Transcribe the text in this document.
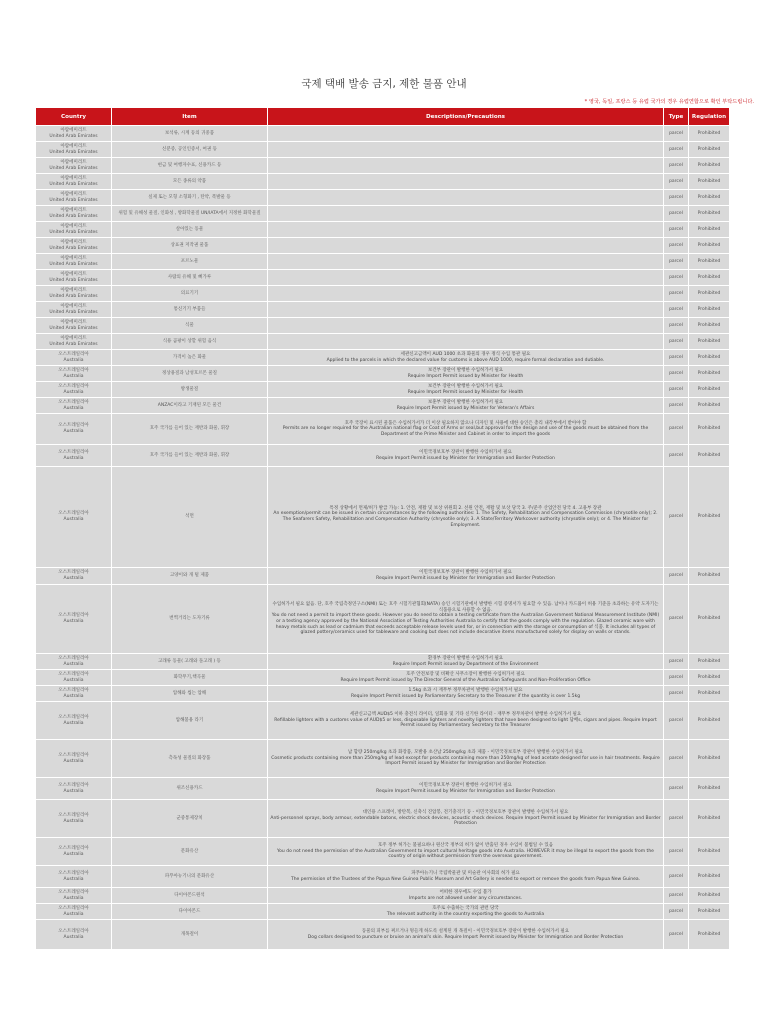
국제 택배 발송 금지, 제한 물품 안내
* 영국, 독일, 프랑스 등 유럽 국가의 경우 유럽연합으로 확인 부탁드립니다.
Country	Item	Descriptions/Precautions	Type	Regulation

아랍에미리트
United Arab Emirates	보석류, 시계 등의 귀중품		parcel	Prohibited

아랍에미리트
United Arab Emirates	신분증, 공인인증서, 여권 등		parcel	Prohibited

아랍에미리트
United Arab Emirates	현금 및 여행자수표, 신용카드 등		parcel	Prohibited

아랍에미리트
United Arab Emirates	모든 종류의 약품		parcel	Prohibited

아랍에미리트
United Arab Emirates	실제 또는 모형 소형화기 , 탄약, 폭발물 등		parcel	Prohibited

아랍에미리트
United Arab Emirates	위험 및 유해성 물질, 인화성 , 방화학물질 UN/IATA에서 지정한 화학물질		parcel	Prohibited

아랍에미리트
United Arab Emirates	살아있는 동물		parcel	Prohibited

아랍에미리트
United Arab Emirates	상표권 저작권 물품		parcel	Prohibited

아랍에미리트
United Arab Emirates	포르노물		parcel	Prohibited

아랍에미리트
United Arab Emirates	사람의 유해 및 뼈가루		parcel	Prohibited

아랍에미리트
United Arab Emirates	의료기기		parcel	Prohibited

아랍에미리트
United Arab Emirates	통신기기 부품들		parcel	Prohibited

아랍에미리트
United Arab Emirates	식물		parcel	Prohibited

아랍에미리트
United Arab Emirates	식용 곰팡이 상할 위험 음식		parcel	Prohibited

오스트레일리아
Australia	가격이 높은 화물	세관신고금액이 AUD 1000 초과 화물의 경우 정식 수입 통관 필요
Applied to the parcels in which the declared value for customs is above AUD 1000, require formal declaration and dutiable.	parcel	Prohibited

오스트레일리아
Australia	정상용질과 남성호르몬 물질	보건부 장관이 발행한 수입허가서 필요
Require Import Permit issued by Minister for Health	parcel	Prohibited

오스트레일리아
Australia	방생물질	보건부 장관이 발행한 수입허가서 필요
Require Import Permit issued by Minister for Health	parcel	Prohibited

오스트레일리아
Australia	ANZAC이라고 기재된 모든 물건	보훈부 장관이 발행한 수입허가서 필요
Require Import Permit issued by Minister for Veteran's Affairs	parcel	Prohibited

오스트레일리아
Australia	호주 국가를 들어 있는 재반과 화물, 휘장	호주 국장이 표시된 물품은 수입허가서가 더 이상 필요하지 않으나 디자인 및 사용에 대한 승인은 총리 내각부에서 받아야 함
Permits are no longer required for the Australian national flag or Coat of Arms or seal,but approval for the design and use of the goods must be obtained from the Department of the Prime Minister and Cabinet in order to import the goods	parcel	Prohibited

오스트레일리아
Australia	호주 국가를 들어 있는 재반과 화물, 휘장	이민국경보호부 장관이 발행한 수입허가서 필요
Require Import Permit issued by Minister for Immigration and Border Protection	parcel	Prohibited

오스트레일리아
Australia	석면	특정 상황에서 면제/허가 발급 가능: 1. 안전, 재활 및 보상 위원회 2. 선원 안전, 재활 및 보상 당국 3. 주/준주 산업안전 당국 4. 고용부 장관
An exemption/permit can be issued in certain circumstances by the following authorities: 1. The Safety, Rehabilitation and Compensation Commission (chrysotile only); 2. The Seafarers Safety, Rehabilitation and Compensation Authority (chrysotile only); 3. A State/Territory Workcover authority (chrysotile only); or 4. The Minister for Employment.	parcel	Prohibited

오스트레일리아
Australia	고양이와 개 털 제품	이민국경보호부 장관이 발행한 수입허가서 필요
Require Import Permit issued by Minister for Immigration and Border Protection	parcel	Prohibited

오스트레일리아
Australia	번쩍거리는 도자기류	수입허가서 필요 없음. 단, 호주 국립측정연구소(NMI) 또는 호주 시험기관협회(NATA) 승인 시험기관에서 발행한 시험 증명서가 필요할 수 있음. 납이나 카드뮴이 허용 기준을 초과하는 유약 도자기는 식품용으로 사용할 수 없음.
You do not need a permit to import these goods. However you do need to obtain a testing certificate from the Australian Government National Measurement Institute (NMI) or a testing agency approved by the National Association of Testing Authorities Australia to certify that the goods comply with the regulation. Glazed ceramic ware with heavy metals such as lead or cadmium that exceeds acceptable release levels used for, or in connection with the storage or consumption of 식품. It includes all types of glazed pottery/ceramics used for tableware and cooking but does not include decorative items manufactured solely for display on walls or stands.	parcel	Prohibited

오스트레일리아
Australia	고래류 동물( 고래와 돌고래 ) 등	환경부 장관이 발행한 수입허가서 필요
Require Import Permit issued by Department of the Environment	parcel	Prohibited

오스트레일리아
Australia	화학무기,핵곡물	호주 안전보장 및 비확산 사무소장이 발행한 수입허가서 필요
Require Import Permit issued by The Director General of the Australian Safeguards and Non-Proliferation Office	parcel	Prohibited

오스트레일리아
Australia	압해와 씹는 압해	1.5kg 초과 시 재무부 정무차관이 발행한 수입허가서 필요
Require Import Permit issued by Parliamentary Secretary to the Treasurer if the quantity is over 1.5kg	parcel	Prohibited

오스트레일리아
Australia	압해불용 라기	세관신고금액 AUD$5 이하 충전식 라이터, 일회용 및 기타 신기한 라이터 - 재무부 정무차관이 발행한 수입허가서 필요
Refillable lighters with a customs value of AUD$5 or less, disposable lighters and novelty lighters that have been designed to light 담배s, cigars and pipes. Require Import Permit issued by Parliamentary Secretary to the Treasurer	parcel	Prohibited

오스트레일리아
Australia	측독성 물질의 화장품	납 함량 250mg/kg 초과 화장품, 모발용 초산납 250mg/kg 초과 제품 - 이민국경보호부 장관이 발행한 수입허가서 필요
Cosmetic products containing more than 250mg/kg of lead except for products containing more than 250mg/kg of lead acetate designed for use in hair treatments. Require Import Permit issued by Minister for Immigration and Border Protection	parcel	Prohibited

오스트레일리아
Australia	위조신용카드	이민국경보호부 장관이 발행한 수입허가서 필요
Require Import Permit issued by Minister for Immigration and Border Protection	parcel	Prohibited

오스트레일리아
Australia	군중통제장치	대인용 스프레이, 방탄복, 신축식 진압봉, 전기충격기 등 - 이민국경보호부 장관이 발행한 수입허가서 필요
Anti-personnel sprays, body armour, extendable batons, electric shock devices, acoustic shock devices. Require Import Permit issued by Minister for Immigration and Border Protection	parcel	Prohibited

오스트레일리아
Australia	문화유산	호주 정부 허가는 불필요하나 원산국 정부의 허가 없이 반출된 경우 수입이 불법일 수 있음
You do not need the permission of the Australian Government to import cultural heritage goods into Australia. HOWEVER it may be illegal to export the goods from the country of origin without permission from the overseas government.	parcel	Prohibited

오스트레일리아
Australia	파푸아뉴기니의 문화유산	파푸아뉴기니 국립박물관 및 미술관 이사회의 허가 필요
The permission of the Trustees of the Papua New Guinea Public Museum and Art Gallery is needed to export or remove the goods from Papua New Guinea.	parcel	Prohibited

오스트레일리아
Australia	다이아몬드원석	어떠한 경우에도 수입 불가
Imports are not allowed under any circumstances.	parcel	Prohibited

오스트레일리아
Australia	다이아몬드	호주로 수출하는 국가의 관련 당국
The relevant authority in the country exporting the goods to Australia	parcel	Prohibited

오스트레일리아
Australia	개목걸이	동물의 피부를 찌르거나 멍들게 하도록 설계된 개 목걸이 - 이민국경보호부 장관이 발행한 수입허가서 필요
Dog collars designed to puncture or bruise an animal's skin. Require Import Permit issued by Minister for Immigration and Border Protection	parcel	Prohibited
